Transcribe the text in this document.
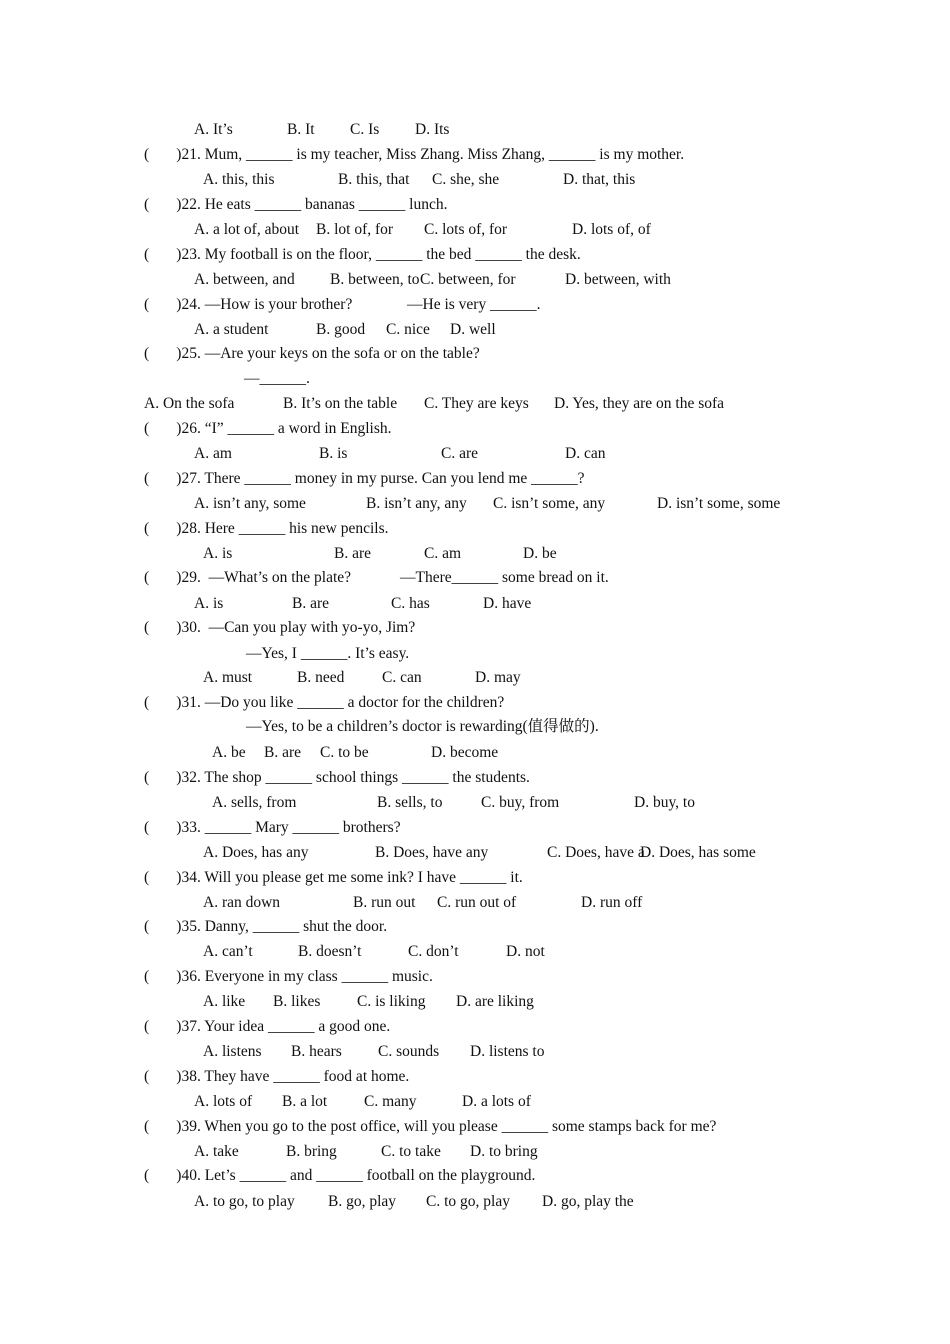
A. It’s	B. It C. Is D. Its
(       )21. Mum, ______ is my teacher, Miss Zhang. Miss Zhang, ______ is my mother.
A. this, this	B. this, that C. she, she	D. that, this
(       )22. He eats ______ bananas ______ lunch.
A. a lot of, about B. lot of, for C. lots of, for	D. lots of, of
(       )23. My football is on the floor, ______ the bed ______ the desk.
A. between, and B. between, to C. between, for	D. between, with
(       )24. —How is your brother?	—He is very ______.
A. a student	B. good C. nice D. well
(       )25. —Are your keys on the sofa or on the table?
—______.
A. On the sofa	B. It’s on the table C. They are keys D. Yes, they are on the sofa
(       )26. “I” ______ a word in English.
A. am	B. is	C. are	D. can
(       )27. There ______ money in my purse. Can you lend me ______?
A. isn’t any, some	B. isn’t any, any C. isn’t some, any	D. isn’t some, some
(       )28. Here ______ his new pencils.
A. is	B. are	C. am	D. be
(       )29.  —What’s on the plate?	—There______ some bread on it.
A. is	B. are	C. has	D. have
(       )30.  —Can you play with yo-yo, Jim?
—Yes, I ______. It’s easy.
A. must	B. need C. can	D. may
(       )31. —Do you like ______ a doctor for the children?
—Yes, to be a children’s doctor is rewarding(值得做的).
A. be B. are C. to be	D. become
(       )32. The shop ______ school things ______ the students.
A. sells, from	B. sells, to C. buy, from	D. buy, to
(       )33. ______ Mary ______ brothers?
A. Does, has any	B. Does, have any	C. Does, have a
D. Does, has some
(       )34. Will you please get me some ink? I have ______ it.
A. ran down	B. run out C. run out of	D. run off
(       )35. Danny, ______ shut the door.
A. can’t	B. doesn’t	C. don’t	D. not
(       )36. Everyone in my class ______ music.
A. like B. likes C. is liking D. are liking
(       )37. Your idea ______ a good one.
A. listens B. hears C. sounds D. listens to
(       )38. They have ______ food at home.
A. lots of B. a lot C. many	D. a lots of
(       )39. When you go to the post office, will you please ______ some stamps back for me?
A. take	B. bring	C. to take D. to bring
(       )40. Let’s ______ and ______ football on the playground.
A. to go, to play B. go, play C. to go, play D. go, play the
